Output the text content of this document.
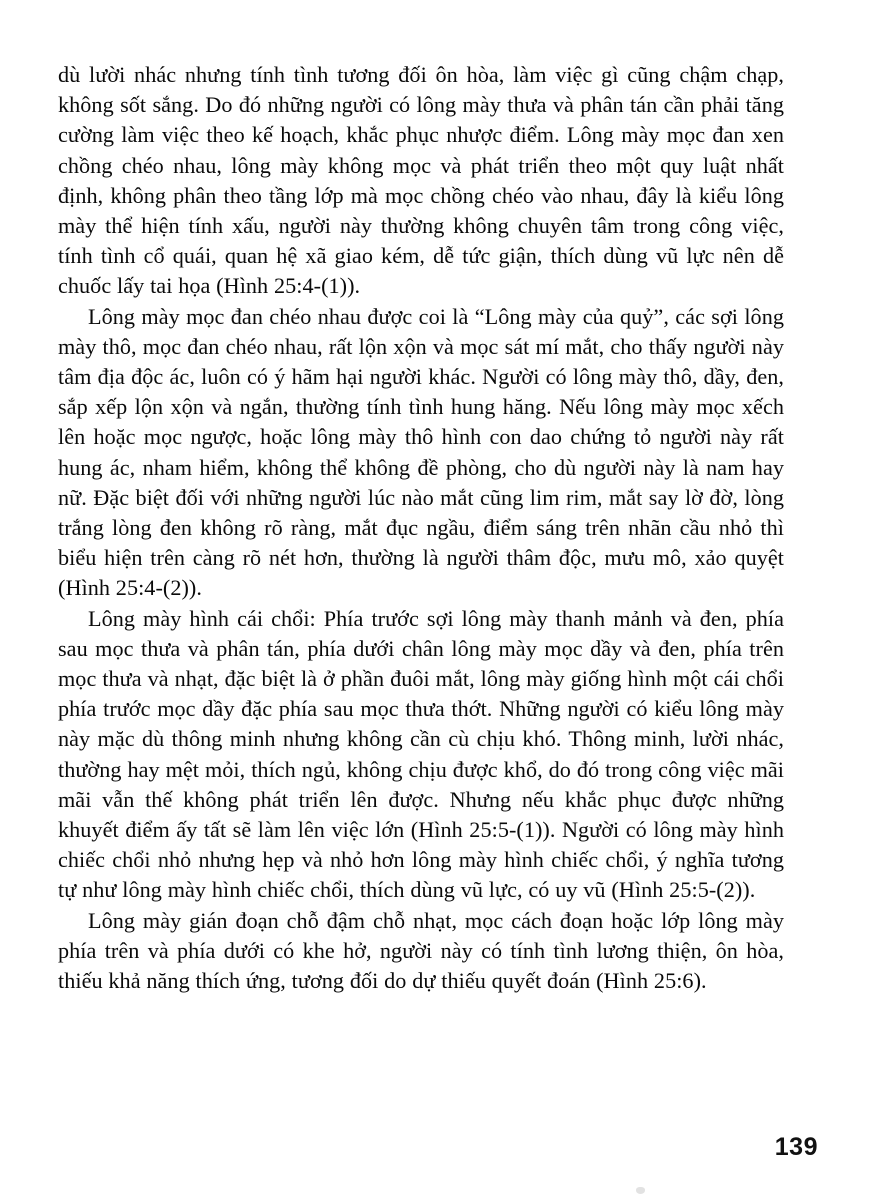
dù lười nhác nhưng tính tình tương đối ôn hòa, làm việc gì cũng chậm chạp, không sốt sắng. Do đó những người có lông mày thưa và phân tán cần phải tăng cường làm việc theo kế hoạch, khắc phục nhược điểm. Lông mày mọc đan xen chồng chéo nhau, lông mày không mọc và phát triển theo một quy luật nhất định, không phân theo tầng lớp mà mọc chồng chéo vào nhau, đây là kiểu lông mày thể hiện tính xấu, người này thường không chuyên tâm trong công việc, tính tình cổ quái, quan hệ xã giao kém, dễ tức giận, thích dùng vũ lực nên dễ chuốc lấy tai họa (Hình 25:4-(1)).

Lông mày mọc đan chéo nhau được coi là “Lông mày của quỷ”, các sợi lông mày thô, mọc đan chéo nhau, rất lộn xộn và mọc sát mí mắt, cho thấy người này tâm địa độc ác, luôn có ý hãm hại người khác. Người có lông mày thô, dầy, đen, sắp xếp lộn xộn và ngắn, thường tính tình hung hăng. Nếu lông mày mọc xếch lên hoặc mọc ngược, hoặc lông mày thô hình con dao chứng tỏ người này rất hung ác, nham hiểm, không thể không đề phòng, cho dù người này là nam hay nữ. Đặc biệt đối với những người lúc nào mắt cũng lim rim, mắt say lờ đờ, lòng trắng lòng đen không rõ ràng, mắt đục ngầu, điểm sáng trên nhãn cầu nhỏ thì biểu hiện trên càng rõ nét hơn, thường là người thâm độc, mưu mô, xảo quyệt (Hình 25:4-(2)).

Lông mày hình cái chổi: Phía trước sợi lông mày thanh mảnh và đen, phía sau mọc thưa và phân tán, phía dưới chân lông mày mọc dầy và đen, phía trên mọc thưa và nhạt, đặc biệt là ở phần đuôi mắt, lông mày giống hình một cái chổi phía trước mọc dầy đặc phía sau mọc thưa thớt. Những người có kiểu lông mày này mặc dù thông minh nhưng không cần cù chịu khó. Thông minh, lười nhác, thường hay mệt mỏi, thích ngủ, không chịu được khổ, do đó trong công việc mãi mãi vẫn thế không phát triển lên được. Nhưng nếu khắc phục được những khuyết điểm ấy tất sẽ làm lên việc lớn (Hình 25:5-(1)). Người có lông mày hình chiếc chổi nhỏ nhưng hẹp và nhỏ hơn lông mày hình chiếc chổi, ý nghĩa tương tự như lông mày hình chiếc chổi, thích dùng vũ lực, có uy vũ (Hình 25:5-(2)).

Lông mày gián đoạn chỗ đậm chỗ nhạt, mọc cách đoạn hoặc lớp lông mày phía trên và phía dưới có khe hở, người này có tính tình lương thiện, ôn hòa, thiếu khả năng thích ứng, tương đối do dự thiếu quyết đoán (Hình 25:6).

139
